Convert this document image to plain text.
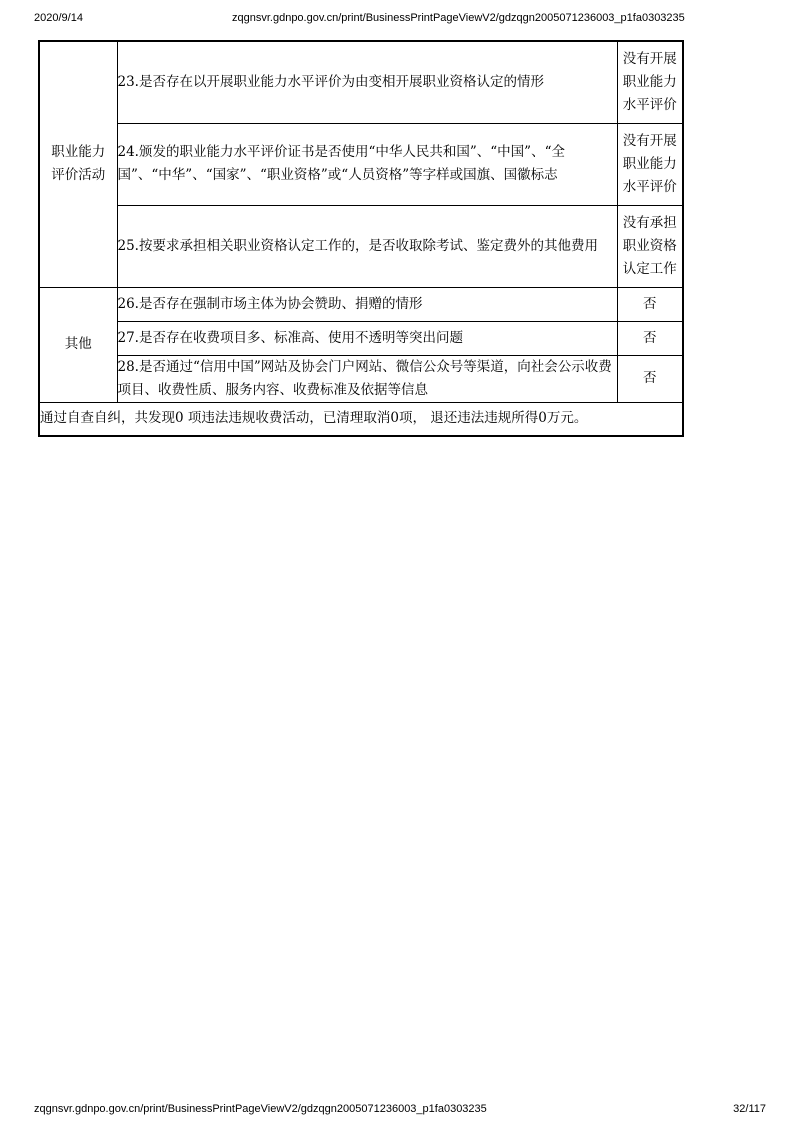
2020/9/14	zqgnsvr.gdnpo.gov.cn/print/BusinessPrintPageViewV2/gdzqgn2005071236003_p1fa0303235
职业能力评价活动	23.是否存在以开展职业能力水平评价为由变相开展职业资格认定的情形	没有开展职业能力水平评价
	24.颁发的职业能力水平评价证书是否使用“中华人民共和国”、“中国”、“全国”、“中华”、“国家”、“职业资格”或“人员资格”等字样或国旗、国徽标志	没有开展职业能力水平评价
	25.按要求承担相关职业资格认定工作的，是否收取除考试、鉴定费外的其他费用	没有承担职业资格认定工作
其他	26.是否存在强制市场主体为协会赞助、捐赠的情形	否
	27.是否存在收费项目多、标准高、使用不透明等突出问题	否
	28.是否通过“信用中国”网站及协会门户网站、微信公众号等渠道，向社会公示收费项目、收费性质、服务内容、收费标准及依据等信息	否
通过自查自纠，共发现0 项违法违规收费活动，已清理取消0项， 退还违法违规所得0万元。		
zqgnsvr.gdnpo.gov.cn/print/BusinessPrintPageViewV2/gdzqgn2005071236003_p1fa0303235	32/117
